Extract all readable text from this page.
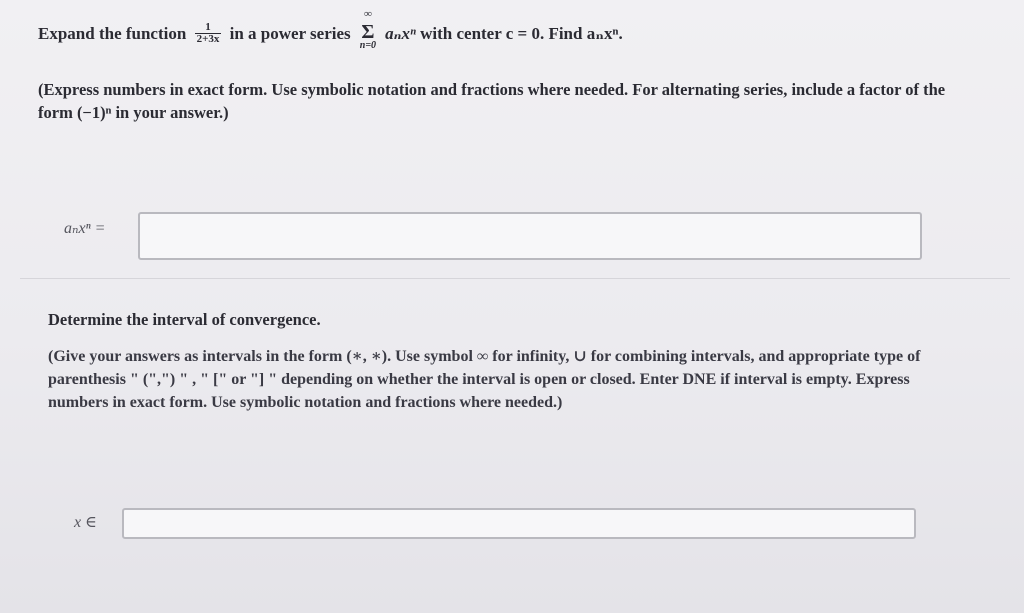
Expand the function $\frac{1}{2+3x}$ in a power series
∞
Σ
n=0
aₙxⁿ with center c = 0. Find aₙxⁿ.
(Express numbers in exact form. Use symbolic notation and fractions where needed. For alternating series, include a factor of the form (−1)ⁿ in your answer.)
aₙxⁿ =
Determine the interval of convergence.
(Give your answers as intervals in the form (∗, ∗). Use symbol ∞ for infinity, ∪ for combining intervals, and appropriate type of parenthesis " (",") " , " [" or "] " depending on whether the interval is open or closed. Enter DNE if interval is empty. Express numbers in exact form. Use symbolic notation and fractions where needed.)
x ∈
